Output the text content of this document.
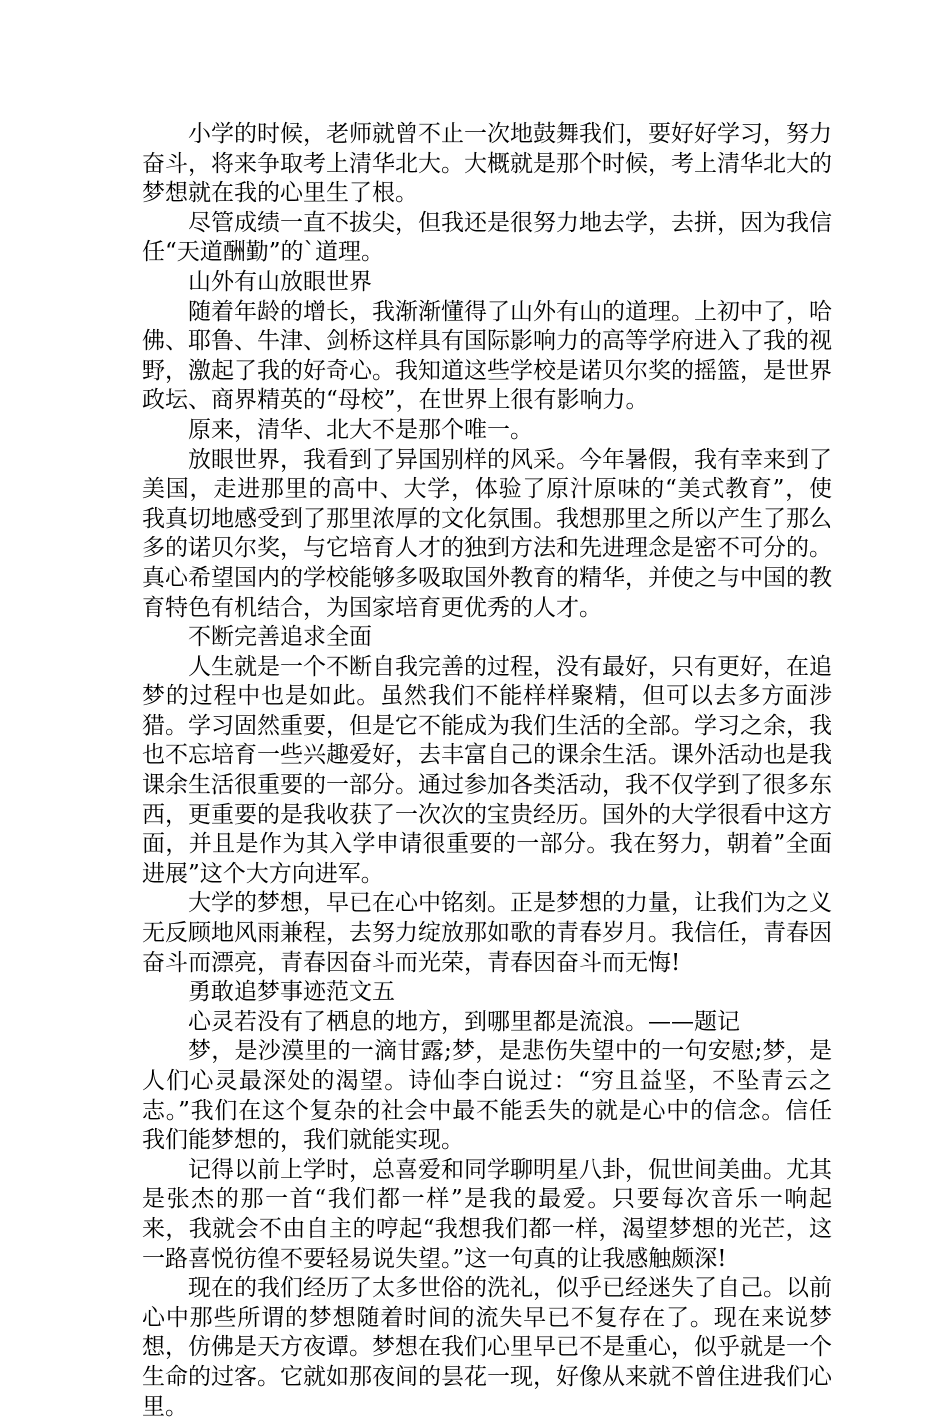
小学的时候，老师就曾不止一次地鼓舞我们，要好好学习，努力奋斗，将来争取考上清华北大。大概就是那个时候，考上清华北大的梦想就在我的心里生了根。

尽管成绩一直不拔尖，但我还是很努力地去学，去拼，因为我信任“天道酬勤”的`道理。

山外有山放眼世界

随着年龄的增长，我渐渐懂得了山外有山的道理。上初中了，哈佛、耶鲁、牛津、剑桥这样具有国际影响力的高等学府进入了我的视野，激起了我的好奇心。我知道这些学校是诺贝尔奖的摇篮，是世界政坛、商界精英的“母校”，在世界上很有影响力。

原来，清华、北大不是那个唯一。

放眼世界，我看到了异国别样的风采。今年暑假，我有幸来到了美国，走进那里的高中、大学，体验了原汁原味的“美式教育”，使我真切地感受到了那里浓厚的文化氛围。我想那里之所以产生了那么多的诺贝尔奖，与它培育人才的独到方法和先进理念是密不可分的。真心希望国内的学校能够多吸取国外教育的精华，并使之与中国的教育特色有机结合，为国家培育更优秀的人才。

不断完善追求全面

人生就是一个不断自我完善的过程，没有最好，只有更好，在追梦的过程中也是如此。虽然我们不能样样聚精，但可以去多方面涉猎。学习固然重要，但是它不能成为我们生活的全部。学习之余，我也不忘培育一些兴趣爱好，去丰富自己的课余生活。课外活动也是我课余生活很重要的一部分。通过参加各类活动，我不仅学到了很多东西，更重要的是我收获了一次次的宝贵经历。国外的大学很看中这方面，并且是作为其入学申请很重要的一部分。我在努力，朝着”全面进展”这个大方向进军。

大学的梦想，早已在心中铭刻。正是梦想的力量，让我们为之义无反顾地风雨兼程，去努力绽放那如歌的青春岁月。我信任，青春因奋斗而漂亮，青春因奋斗而光荣，青春因奋斗而无悔!

勇敢追梦事迹范文五

心灵若没有了栖息的地方，到哪里都是流浪。——题记

梦，是沙漠里的一滴甘露;梦，是悲伤失望中的一句安慰;梦，是人们心灵最深处的渴望。诗仙李白说过：“穷且益坚，不坠青云之志。”我们在这个复杂的社会中最不能丢失的就是心中的信念。信任我们能梦想的，我们就能实现。

记得以前上学时，总喜爱和同学聊明星八卦，侃世间美曲。尤其是张杰的那一首“我们都一样”是我的最爱。只要每次音乐一响起来，我就会不由自主的哼起“我想我们都一样，渴望梦想的光芒，这一路喜悦彷徨不要轻易说失望。”这一句真的让我感触颇深!

现在的我们经历了太多世俗的洗礼，似乎已经迷失了自己。以前心中那些所谓的梦想随着时间的流失早已不复存在了。现在来说梦想，仿佛是天方夜谭。梦想在我们心里早已不是重心，似乎就是一个生命的过客。它就如那夜间的昙花一现，好像从来就不曾住进我们心里。
